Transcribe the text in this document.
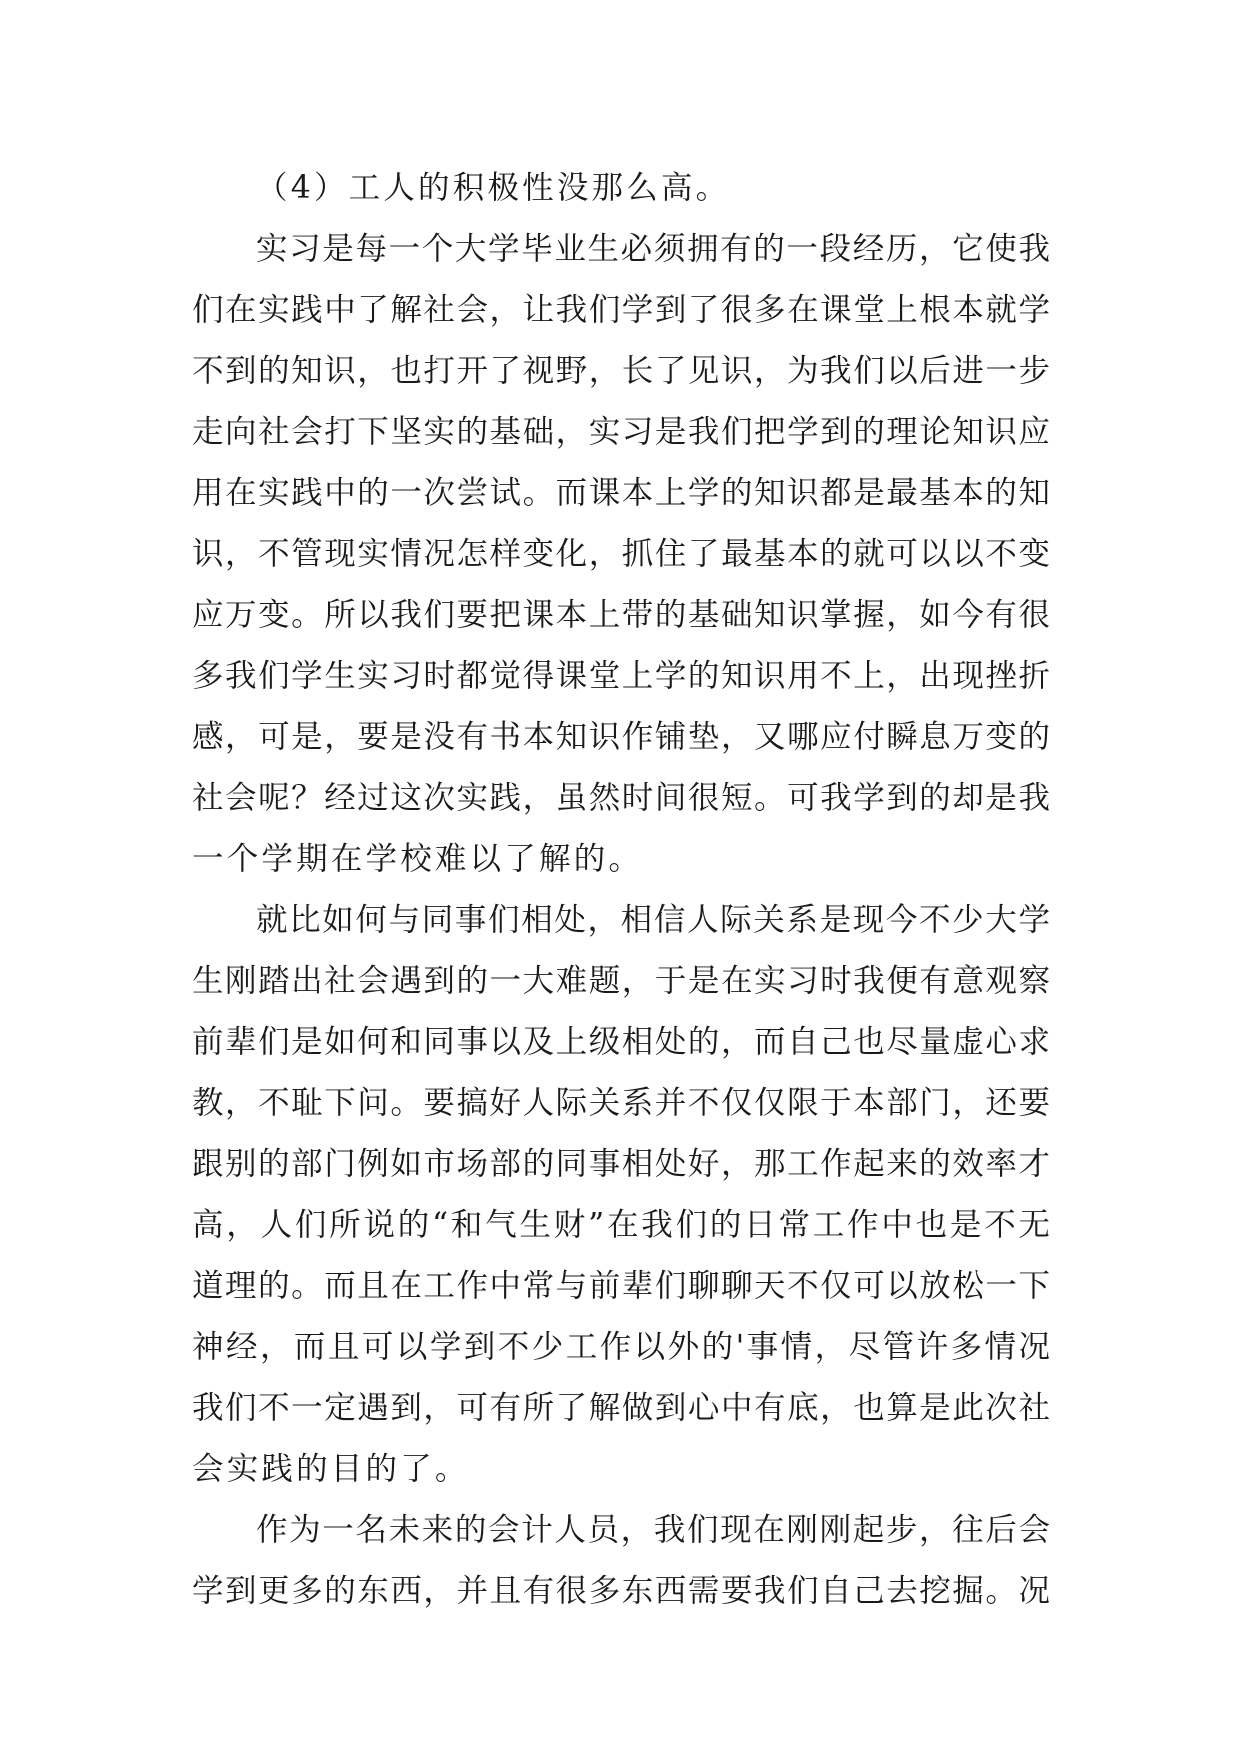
（4）工人的积极性没那么高。
实习是每一个大学毕业生必须拥有的一段经历，它使我
们在实践中了解社会，让我们学到了很多在课堂上根本就学
不到的知识，也打开了视野，长了见识，为我们以后进一步
走向社会打下坚实的基础，实习是我们把学到的理论知识应
用在实践中的一次尝试。而课本上学的知识都是最基本的知
识，不管现实情况怎样变化，抓住了最基本的就可以以不变
应万变。所以我们要把课本上带的基础知识掌握，如今有很
多我们学生实习时都觉得课堂上学的知识用不上，出现挫折
感，可是，要是没有书本知识作铺垫，又哪应付瞬息万变的
社会呢？经过这次实践，虽然时间很短。可我学到的却是我
一个学期在学校难以了解的。
就比如何与同事们相处，相信人际关系是现今不少大学
生刚踏出社会遇到的一大难题，于是在实习时我便有意观察
前辈们是如何和同事以及上级相处的，而自己也尽量虚心求
教，不耻下问。要搞好人际关系并不仅仅限于本部门，还要
跟别的部门例如市场部的同事相处好，那工作起来的效率才
高，人们所说的“和气生财”在我们的日常工作中也是不无
道理的。而且在工作中常与前辈们聊聊天不仅可以放松一下
神经，而且可以学到不少工作以外的'事情，尽管许多情况
我们不一定遇到，可有所了解做到心中有底，也算是此次社
会实践的目的了。
作为一名未来的会计人员，我们现在刚刚起步，往后会
学到更多的东西，并且有很多东西需要我们自己去挖掘。况
